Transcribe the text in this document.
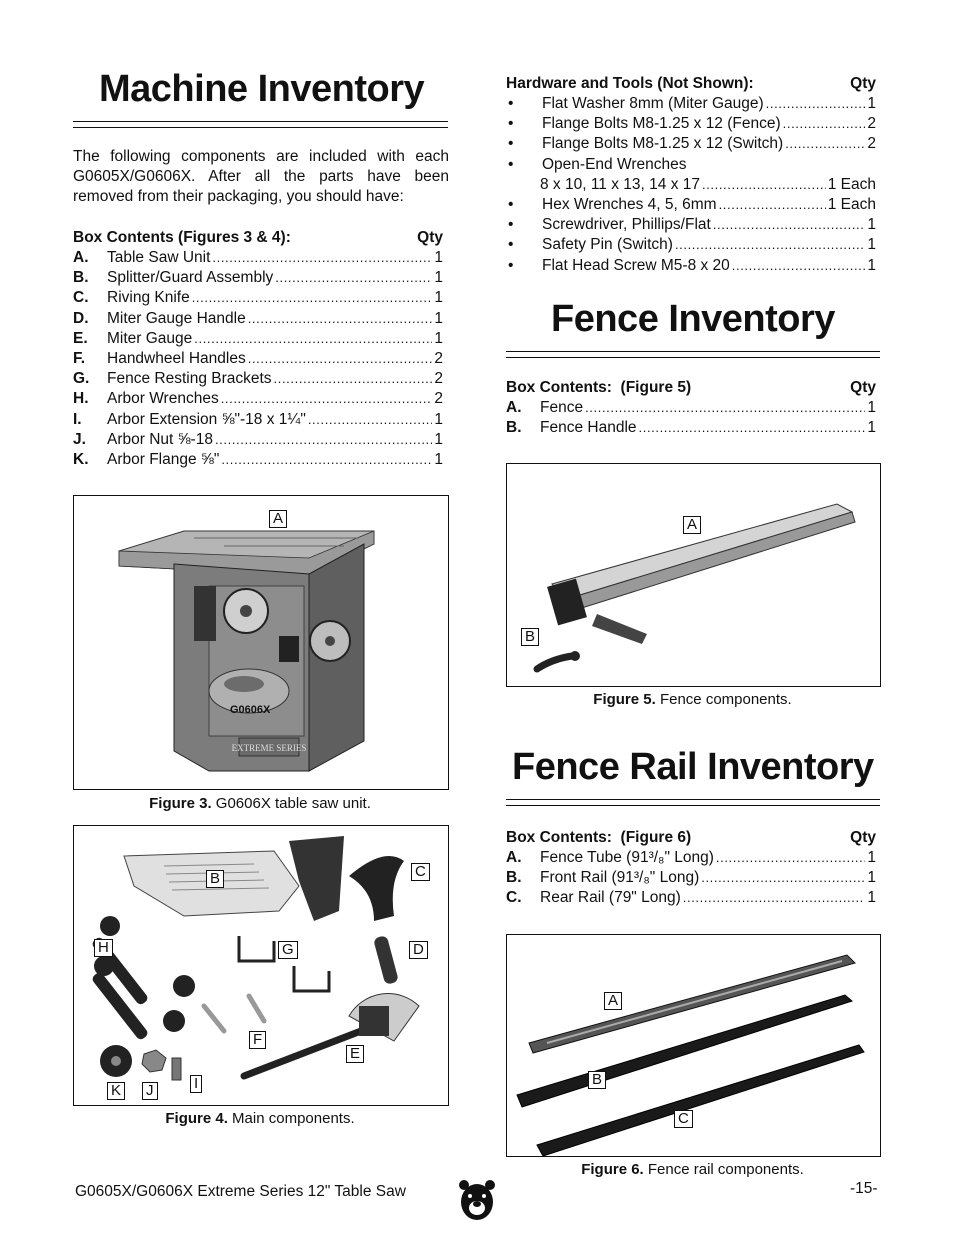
Machine Inventory
The following components are included with each
G0605X/G0606X. After all the parts have been
removed from their packaging, you should have:
Box Contents (Figures 3 & 4):	Qty
A.	Table Saw Unit .....	1
B.	Splitter/Guard Assembly .....	1
C.	Riving Knife .....	1
D.	Miter Gauge Handle .....	1
E.	Miter Gauge .....	1
F.	Handwheel Handles .....	2
G.	Fence Resting Brackets .....	2
H.	Arbor Wrenches .....	2
I.	Arbor Extension ⅝"-18 x 1¼" .....	1
J.	Arbor Nut ⅝-18 .....	1
K.	Arbor Flange ⅝" .....	1
EXTREME SERIES
A
G0606X
Figure 3. G0606X table saw unit.
B	C
H	G	D
F
E
K J	I
Figure 4. Main components.
Hardware and Tools (Not Shown):	Qty
•	Flat Washer 8mm (Miter Gauge) .....	1
•	Flange Bolts M8-1.25 x 12 (Fence) .....	2
•	Flange Bolts M8-1.25 x 12 (Switch) .....	2
•	Open-End Wrenches
8 x 10, 11 x 13, 14 x 17 .....	1 Each
•	Hex Wrenches 4, 5, 6mm .....	1 Each
•	Screwdriver, Phillips/Flat .....	1
•	Safety Pin (Switch) .....	1
•	Flat Head Screw M5-8 x 20 .....	1
Fence Inventory
Box Contents: (Figure 5)	Qty
A.	Fence .....	1
B.	Fence Handle .....	1
A
B
Figure 5. Fence components.
Fence Rail Inventory
Box Contents: (Figure 6)	Qty
A.	Fence Tube (91³/₈" Long) .....	1
B.	Front Rail (91³/₈" Long) .....	1
C.	Rear Rail (79" Long) .....	1
A
B
C
Figure 6. Fence rail components.
G0605X/G0606X Extreme Series 12" Table Saw	-15-
